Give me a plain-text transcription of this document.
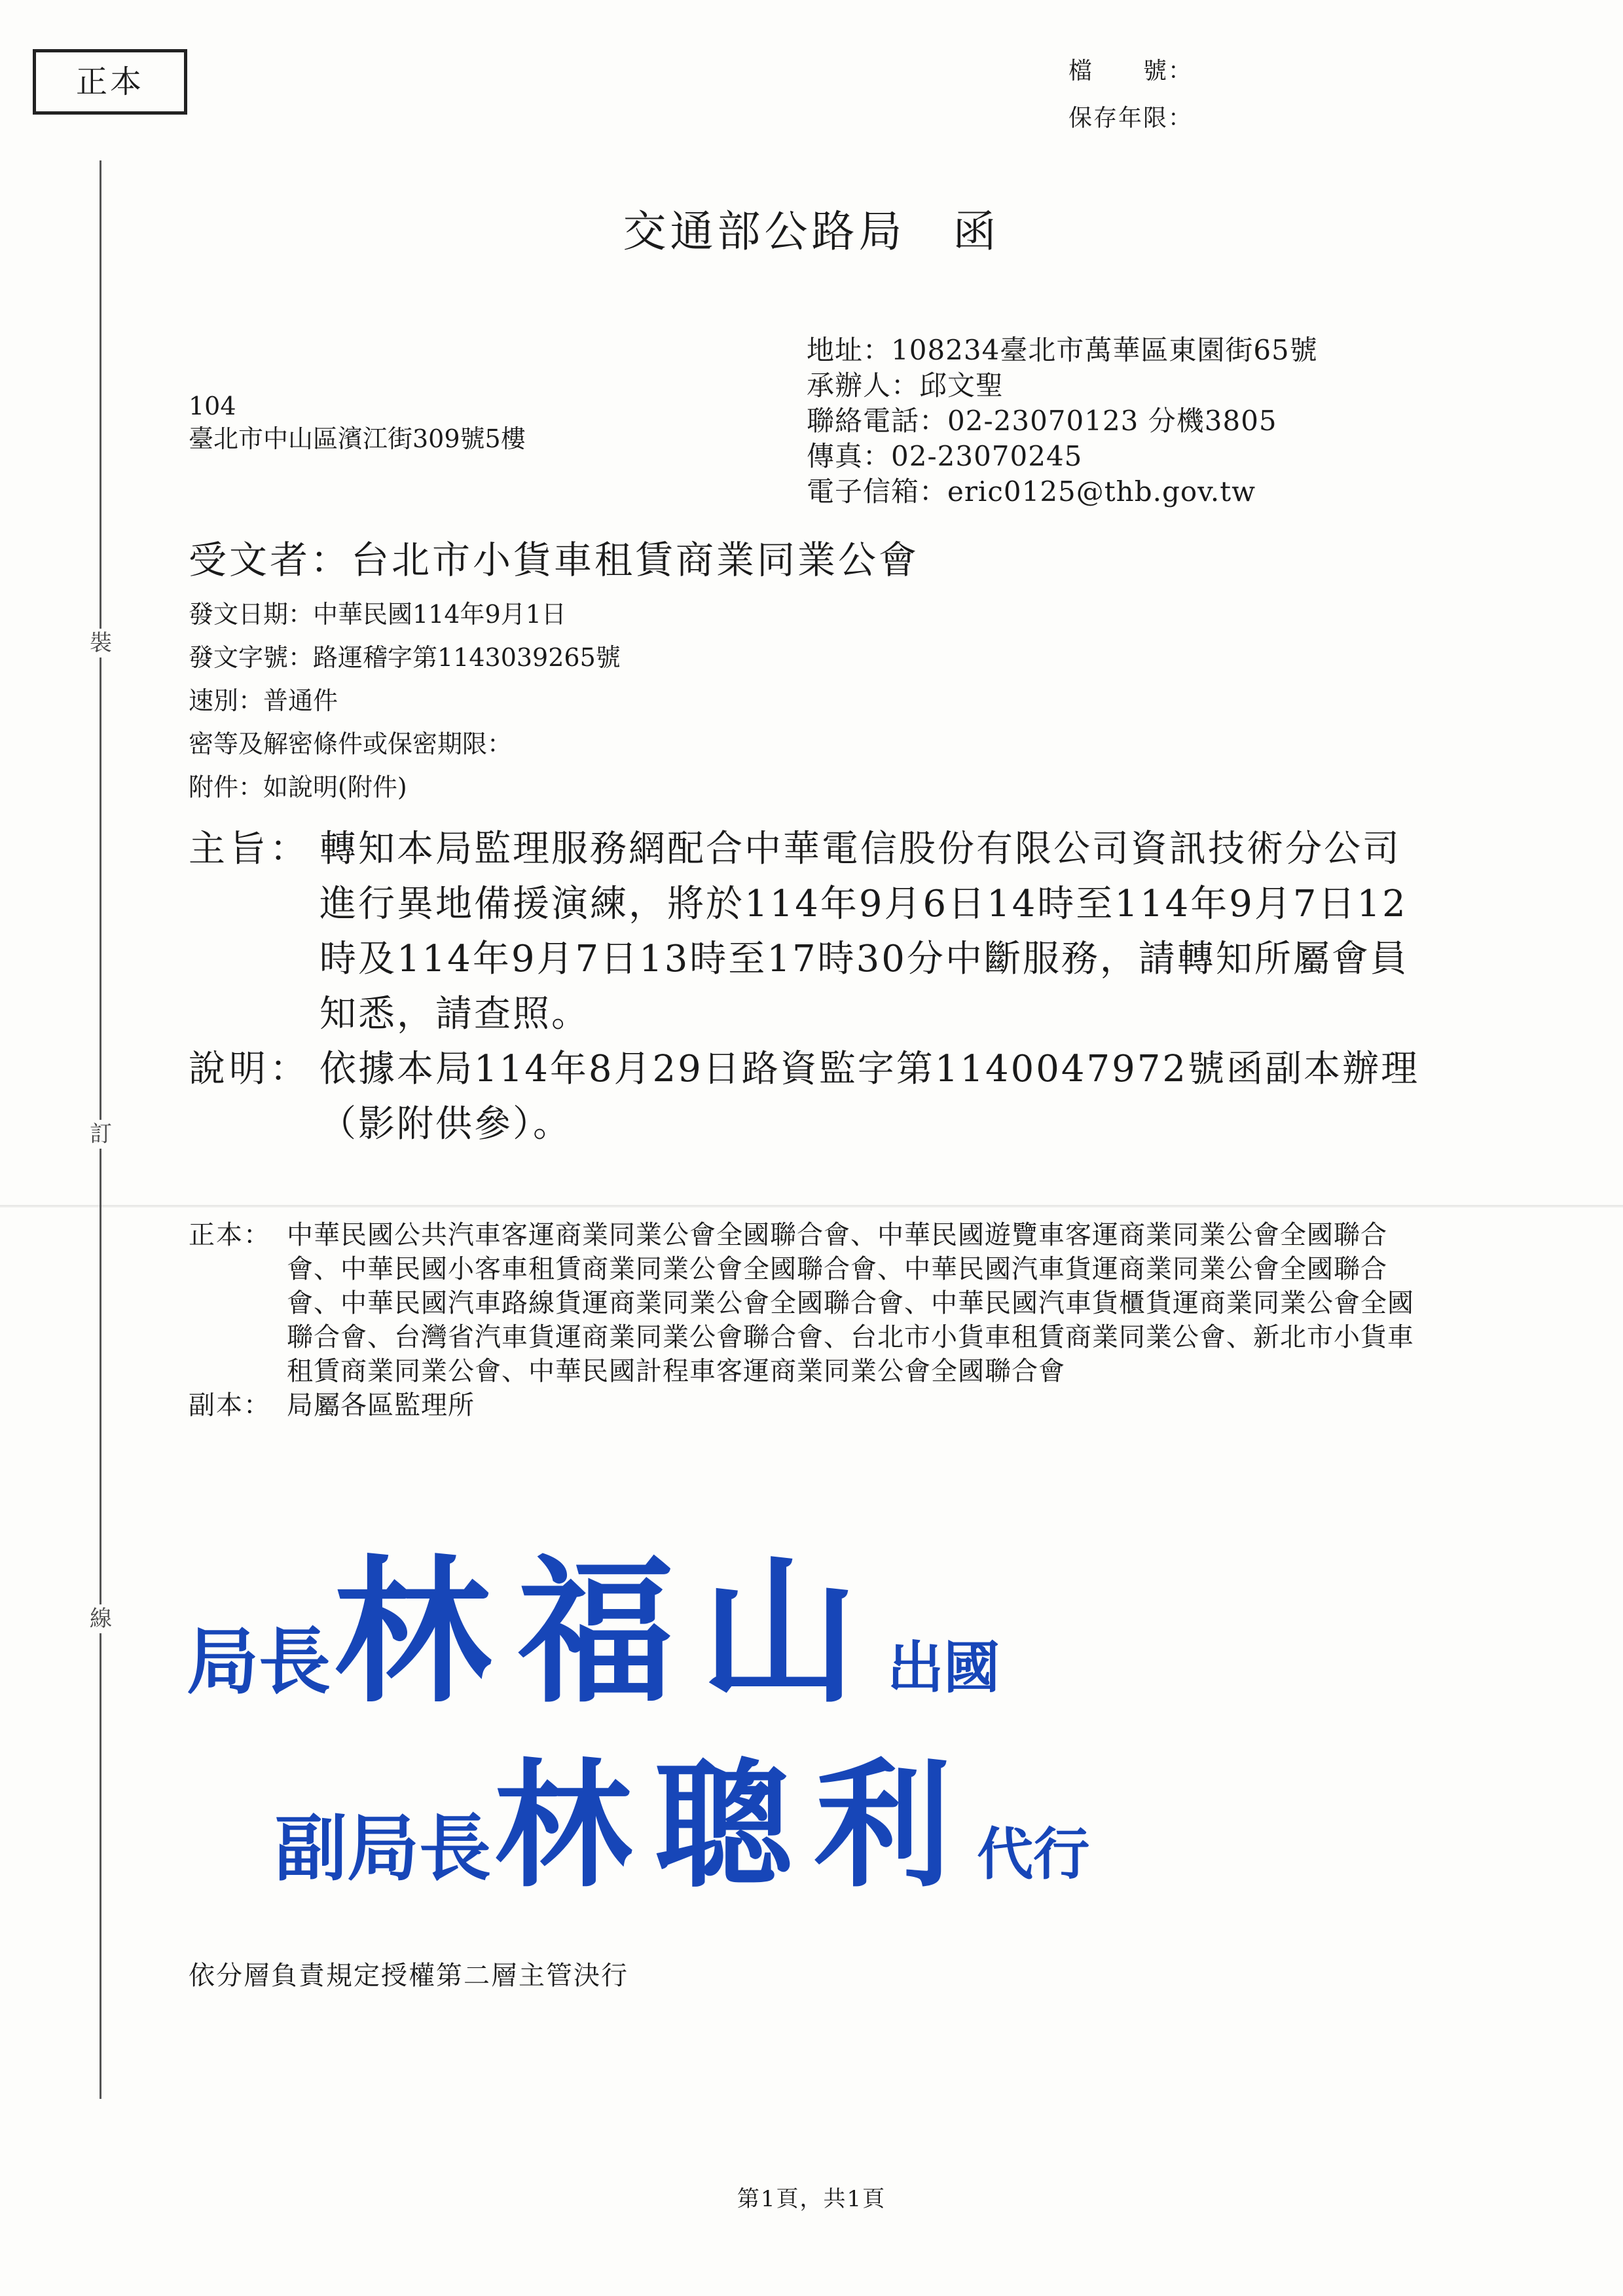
正本	檔　　號：
保存年限：
裝
訂
線
交通部公路局　函
地址：108234臺北市萬華區東園街65號
承辦人：邱文聖
聯絡電話：02-23070123 分機3805
傳真：02-23070245
電子信箱：eric0125@thb.gov.tw
104
臺北市中山區濱江街309號5樓
受文者：台北市小貨車租賃商業同業公會
發文日期：中華民國114年9月1日
發文字號：路運稽字第1143039265號
速別：普通件
密等及解密條件或保密期限：
附件：如說明(附件)
主旨： 轉知本局監理服務網配合中華電信股份有限公司資訊技術分公司進行異地備援演練，將於114年9月6日14時至114年9月7日12時及114年9月7日13時至17時30分中斷服務，請轉知所屬會員知悉，請查照。
說明： 依據本局114年8月29日路資監字第1140047972號函副本辦理（影附供參）。
正本： 中華民國公共汽車客運商業同業公會全國聯合會、中華民國遊覽車客運商業同業公會全國聯合會、中華民國小客車租賃商業同業公會全國聯合會、中華民國汽車貨運商業同業公會全國聯合會、中華民國汽車路線貨運商業同業公會全國聯合會、中華民國汽車貨櫃貨運商業同業公會全國聯合會、台灣省汽車貨運商業同業公會聯合會、台北市小貨車租賃商業同業公會、新北市小貨車租賃商業同業公會、中華民國計程車客運商業同業公會全國聯合會
副本： 局屬各區監理所
局長 林福山 出國
副局長 林聰利 代行
依分層負責規定授權第二層主管決行
第1頁，共1頁
